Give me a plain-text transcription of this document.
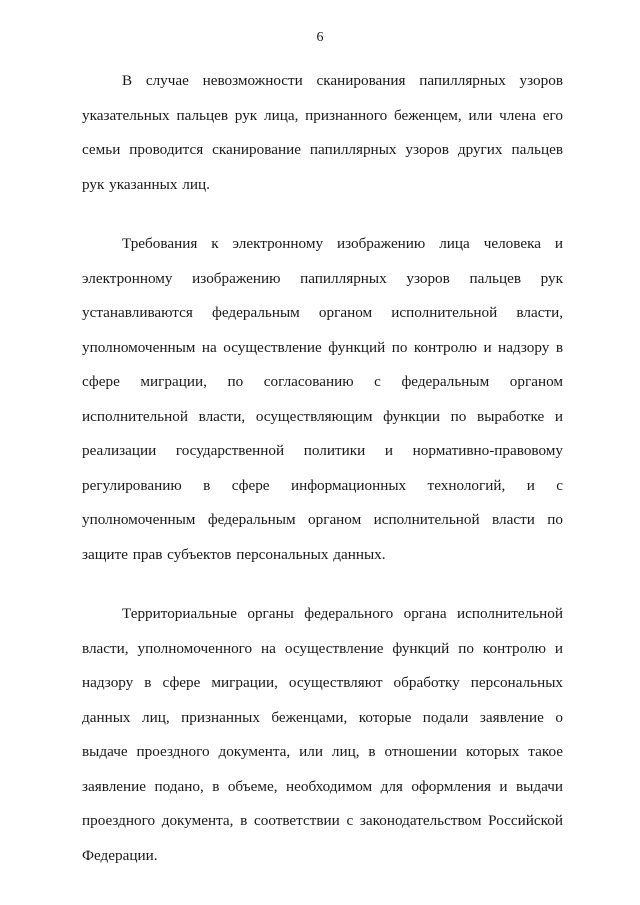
6

В случае невозможности сканирования папиллярных узоров указательных пальцев рук лица, признанного беженцем, или члена его семьи проводится сканирование папиллярных узоров других пальцев рук указанных лиц.

Требования к электронному изображению лица человека и электронному изображению папиллярных узоров пальцев рук устанавливаются федеральным органом исполнительной власти, уполномоченным на осуществление функций по контролю и надзору в сфере миграции, по согласованию с федеральным органом исполнительной власти, осуществляющим функции по выработке и реализации государственной политики и нормативно-правовому регулированию в сфере информационных технологий, и с уполномоченным федеральным органом исполнительной власти по защите прав субъектов персональных данных.

Территориальные органы федерального органа исполнительной власти, уполномоченного на осуществление функций по контролю и надзору в сфере миграции, осуществляют обработку персональных данных лиц, признанных беженцами, которые подали заявление о выдаче проездного документа, или лиц, в отношении которых такое заявление подано, в объеме, необходимом для оформления и выдачи проездного документа, в соответствии с законодательством Российской Федерации.
